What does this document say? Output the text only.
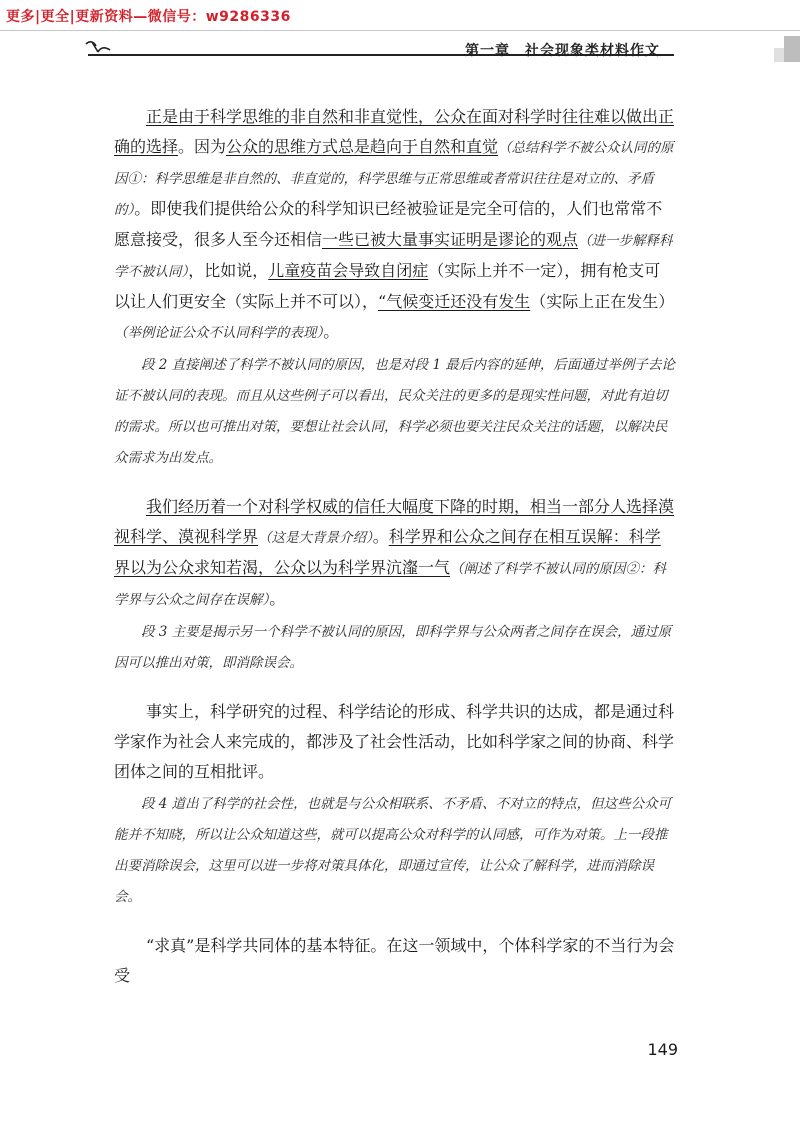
更多|更全|更新资料—微信号：w9286336
第一章　社会现象类材料作文

正是由于科学思维的非自然和非直觉性，公众在面对科学时往往难以做出正确的选择。因为公众的思维方式总是趋向于自然和直觉（总结科学不被公众认同的原因①：科学思维是非自然的、非直觉的，科学思维与正常思维或者常识往往是对立的、矛盾的）。即使我们提供给公众的科学知识已经被验证是完全可信的，人们也常常不愿意接受，很多人至今还相信一些已被大量事实证明是谬论的观点（进一步解释科学不被认同），比如说，儿童疫苗会导致自闭症（实际上并不一定），拥有枪支可以让人们更安全（实际上并不可以），“气候变迁还没有发生（实际上正在发生）（举例论证公众不认同科学的表现）。

段 2 直接阐述了科学不被认同的原因，也是对段 1 最后内容的延伸，后面通过举例子去论证不被认同的表现。而且从这些例子可以看出，民众关注的更多的是现实性问题，对此有迫切的需求。所以也可推出对策，要想让社会认同，科学必须也要关注民众关注的话题，以解决民众需求为出发点。

我们经历着一个对科学权威的信任大幅度下降的时期，相当一部分人选择漠视科学、漠视科学界（这是大背景介绍）。科学界和公众之间存在相互误解：科学界以为公众求知若渴，公众以为科学界沆瀣一气（阐述了科学不被认同的原因②：科学界与公众之间存在误解）。

段 3 主要是揭示另一个科学不被认同的原因，即科学界与公众两者之间存在误会，通过原因可以推出对策，即消除误会。

事实上，科学研究的过程、科学结论的形成、科学共识的达成，都是通过科学家作为社会人来完成的，都涉及了社会性活动，比如科学家之间的协商、科学团体之间的互相批评。

段 4 道出了科学的社会性，也就是与公众相联系、不矛盾、不对立的特点，但这些公众可能并不知晓，所以让公众知道这些，就可以提高公众对科学的认同感，可作为对策。上一段推出要消除误会，这里可以进一步将对策具体化，即通过宣传，让公众了解科学，进而消除误会。

“求真”是科学共同体的基本特征。在这一领域中，个体科学家的不当行为会受

149
